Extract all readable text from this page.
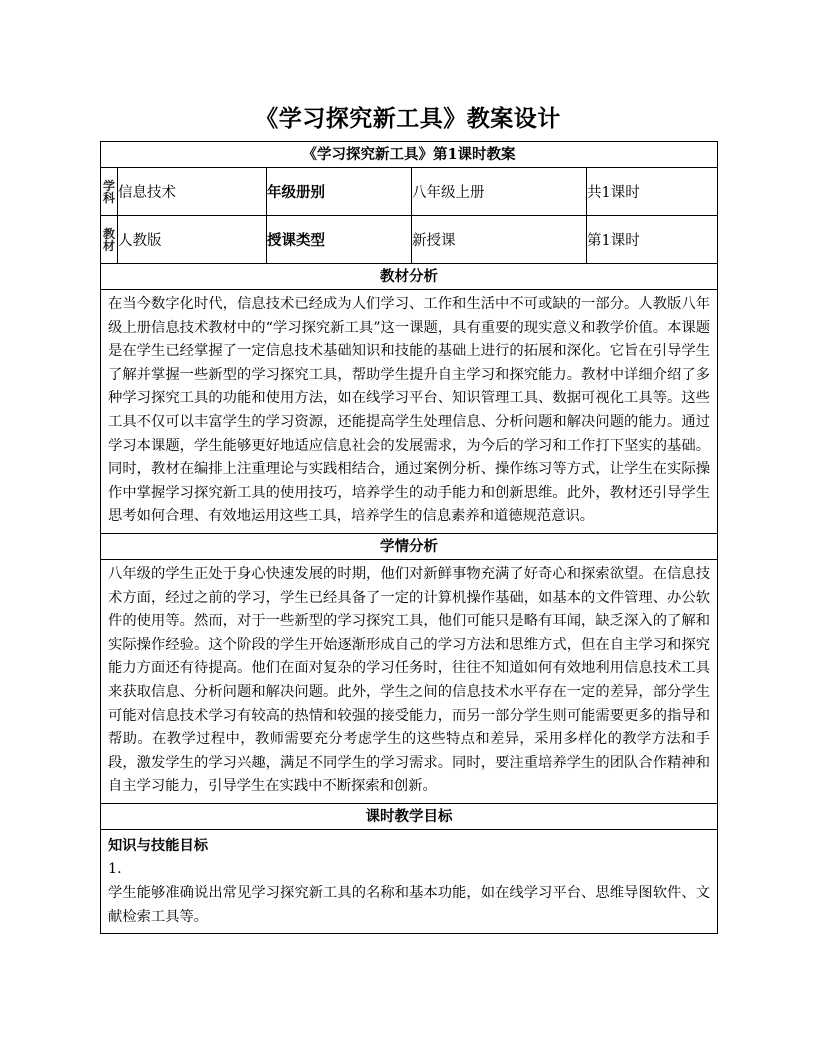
《学习探究新工具》教案设计
《学习探究新工具》第1课时教案				
学科	信息技术	年级册别	八年级上册	共1课时
教材	人教版	授课类型	新授课	第1课时
教材分析				
在当今数字化时代，信息技术已经成为人们学习、工作和生活中不可或缺的一部分。人教版八年级上册信息技术教材中的“学习探究新工具”这一课题，具有重要的现实意义和教学价值。本课题是在学生已经掌握了一定信息技术基础知识和技能的基础上进行的拓展和深化。它旨在引导学生了解并掌握一些新型的学习探究工具，帮助学生提升自主学习和探究能力。教材中详细介绍了多种学习探究工具的功能和使用方法，如在线学习平台、知识管理工具、数据可视化工具等。这些工具不仅可以丰富学生的学习资源，还能提高学生处理信息、分析问题和解决问题的能力。通过学习本课题，学生能够更好地适应信息社会的发展需求，为今后的学习和工作打下坚实的基础。同时，教材在编排上注重理论与实践相结合，通过案例分析、操作练习等方式，让学生在实际操作中掌握学习探究新工具的使用技巧，培养学生的动手能力和创新思维。此外，教材还引导学生思考如何合理、有效地运用这些工具，培养学生的信息素养和道德规范意识。				
学情分析				
八年级的学生正处于身心快速发展的时期，他们对新鲜事物充满了好奇心和探索欲望。在信息技术方面，经过之前的学习，学生已经具备了一定的计算机操作基础，如基本的文件管理、办公软件的使用等。然而，对于一些新型的学习探究工具，他们可能只是略有耳闻，缺乏深入的了解和实际操作经验。这个阶段的学生开始逐渐形成自己的学习方法和思维方式，但在自主学习和探究能力方面还有待提高。他们在面对复杂的学习任务时，往往不知道如何有效地利用信息技术工具来获取信息、分析问题和解决问题。此外，学生之间的信息技术水平存在一定的差异，部分学生可能对信息技术学习有较高的热情和较强的接受能力，而另一部分学生则可能需要更多的指导和帮助。在教学过程中，教师需要充分考虑学生的这些特点和差异，采用多样化的教学方法和手段，激发学生的学习兴趣，满足不同学生的学习需求。同时，要注重培养学生的团队合作精神和自主学习能力，引导学生在实践中不断探索和创新。				
课时教学目标				

知识与技能目标
1.
学生能够准确说出常见学习探究新工具的名称和基本功能，如在线学习平台、思维导图软件、文献检索工具等。				
